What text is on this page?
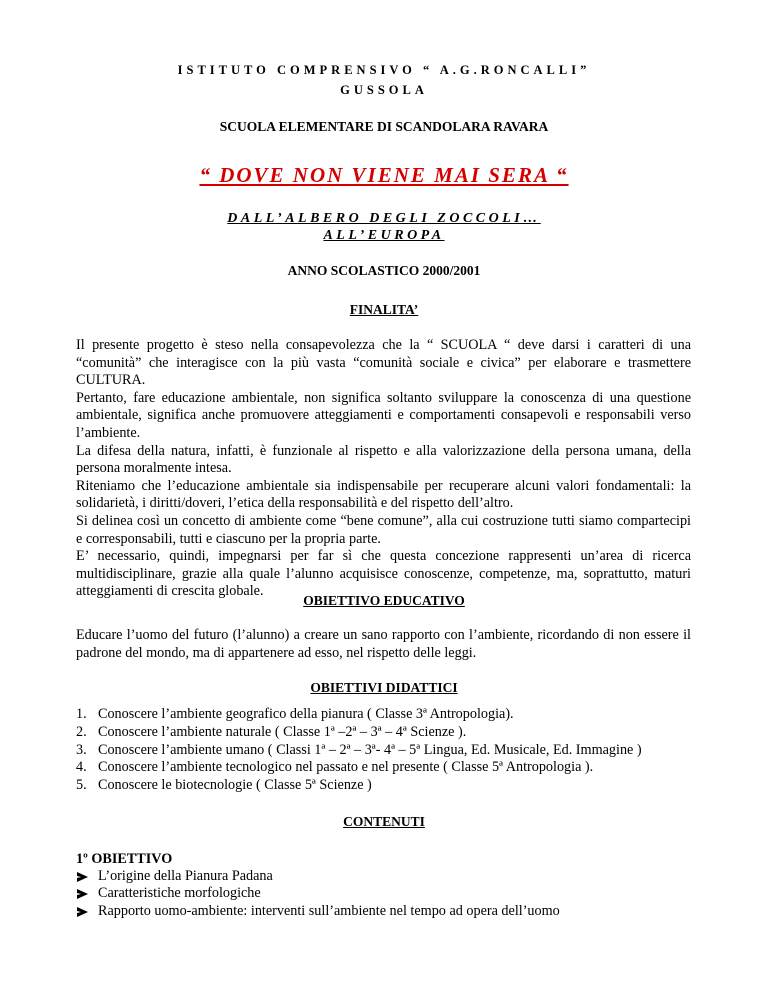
ISTITUTO COMPRENSIVO “ A.G.RONCALLI”
GUSSOLA
SCUOLA ELEMENTARE DI SCANDOLARA RAVARA
“ DOVE NON VIENE MAI SERA “
DALL’ALBERO DEGLI ZOCCOLI…
ALL’EUROPA
ANNO SCOLASTICO 2000/2001
FINALITA’

Il presente progetto è steso nella consapevolezza che la “ SCUOLA “ deve darsi i caratteri di una “comunità” che interagisce con la più vasta “comunità sociale e civica” per elaborare e trasmettere CULTURA.

Pertanto, fare educazione ambientale, non significa soltanto sviluppare la conoscenza di una questione ambientale, significa anche promuovere atteggiamenti e comportamenti consapevoli e responsabili verso l’ambiente.

La difesa della natura, infatti, è funzionale al rispetto e alla valorizzazione della persona umana, della persona moralmente intesa.

Riteniamo che l’educazione ambientale sia indispensabile per recuperare alcuni valori fondamentali: la solidarietà, i diritti/doveri, l’etica della responsabilità e del rispetto dell’altro.

Si delinea così un concetto di ambiente come “bene comune”, alla cui costruzione tutti siamo compartecipi e corresponsabili, tutti e ciascuno per la propria parte.

E’ necessario, quindi, impegnarsi per far sì che questa concezione rappresenti un’area di ricerca multidisciplinare, grazie alla quale l’alunno acquisisce conoscenze, competenze, ma, soprattutto, maturi atteggiamenti di crescita globale.

OBIETTIVO EDUCATIVO

Educare l’uomo del futuro (l’alunno) a creare un sano rapporto con l’ambiente, ricordando di non essere il padrone del mondo, ma di appartenere ad esso, nel rispetto delle leggi.

OBIETTIVI DIDATTICI
1. Conoscere l’ambiente geografico della pianura ( Classe 3ª Antropologia).
2. Conoscere l’ambiente naturale ( Classe 1ª –2ª – 3ª – 4ª Scienze ).
3. Conoscere l’ambiente umano ( Classi 1ª – 2ª – 3ª- 4ª – 5ª Lingua, Ed. Musicale, Ed. Immagine )
4. Conoscere l’ambiente tecnologico nel passato e nel presente ( Classe 5ª Antropologia ).
5. Conoscere le biotecnologie ( Classe 5ª Scienze )
CONTENUTI
1º OBIETTIVO
L’origine della Pianura Padana
Caratteristiche morfologiche
Rapporto uomo-ambiente: interventi sull’ambiente nel tempo ad opera dell’uomo
